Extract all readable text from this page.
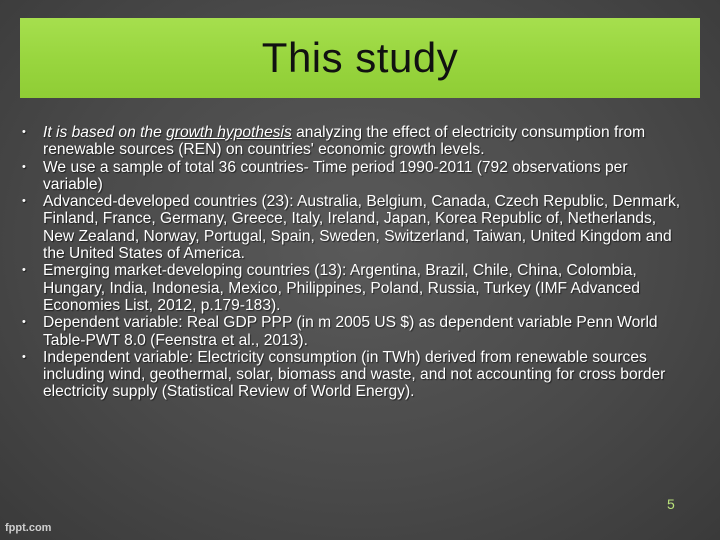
This study
• It is based on the growth hypothesis analyzing the effect of electricity consumption from renewable sources (REN) on countries' economic growth levels.
• We use a sample of total 36 countries- Time period 1990-2011 (792 observations per variable)
• Advanced-developed countries (23): Australia, Belgium, Canada, Czech Republic, Denmark, Finland, France, Germany, Greece, Italy, Ireland, Japan, Korea Republic of, Netherlands, New Zealand, Norway, Portugal, Spain, Sweden, Switzerland, Taiwan, United Kingdom and the United States of America.
• Emerging market-developing countries (13): Argentina, Brazil, Chile, China, Colombia, Hungary, India, Indonesia, Mexico, Philippines, Poland, Russia, Turkey (IMF Advanced Economies List, 2012, p.179-183).
• Dependent variable: Real GDP PPP (in m 2005 US $) as dependent variable Penn World Table-PWT 8.0 (Feenstra et al., 2013).
• Independent variable: Electricity consumption (in TWh) derived from renewable sources including wind, geothermal, solar, biomass and waste, and not accounting for cross border electricity supply (Statistical Review of World Energy).
5
fppt.com
